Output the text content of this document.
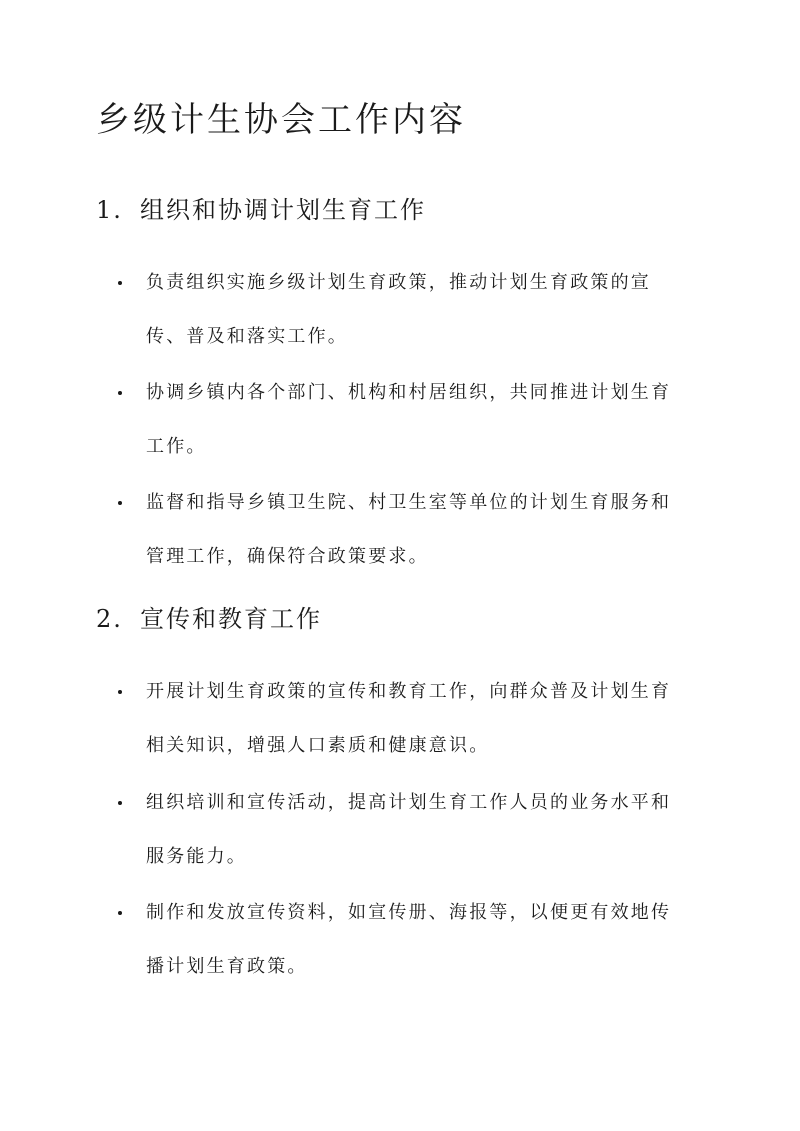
乡级计生协会工作内容
1. 组织和协调计划生育工作
负责组织实施乡级计划生育政策，推动计划生育政策的宣传、普及和落实工作。
协调乡镇内各个部门、机构和村居组织，共同推进计划生育工作。
监督和指导乡镇卫生院、村卫生室等单位的计划生育服务和管理工作，确保符合政策要求。
2. 宣传和教育工作
开展计划生育政策的宣传和教育工作，向群众普及计划生育相关知识，增强人口素质和健康意识。
组织培训和宣传活动，提高计划生育工作人员的业务水平和服务能力。
制作和发放宣传资料，如宣传册、海报等，以便更有效地传播计划生育政策。
